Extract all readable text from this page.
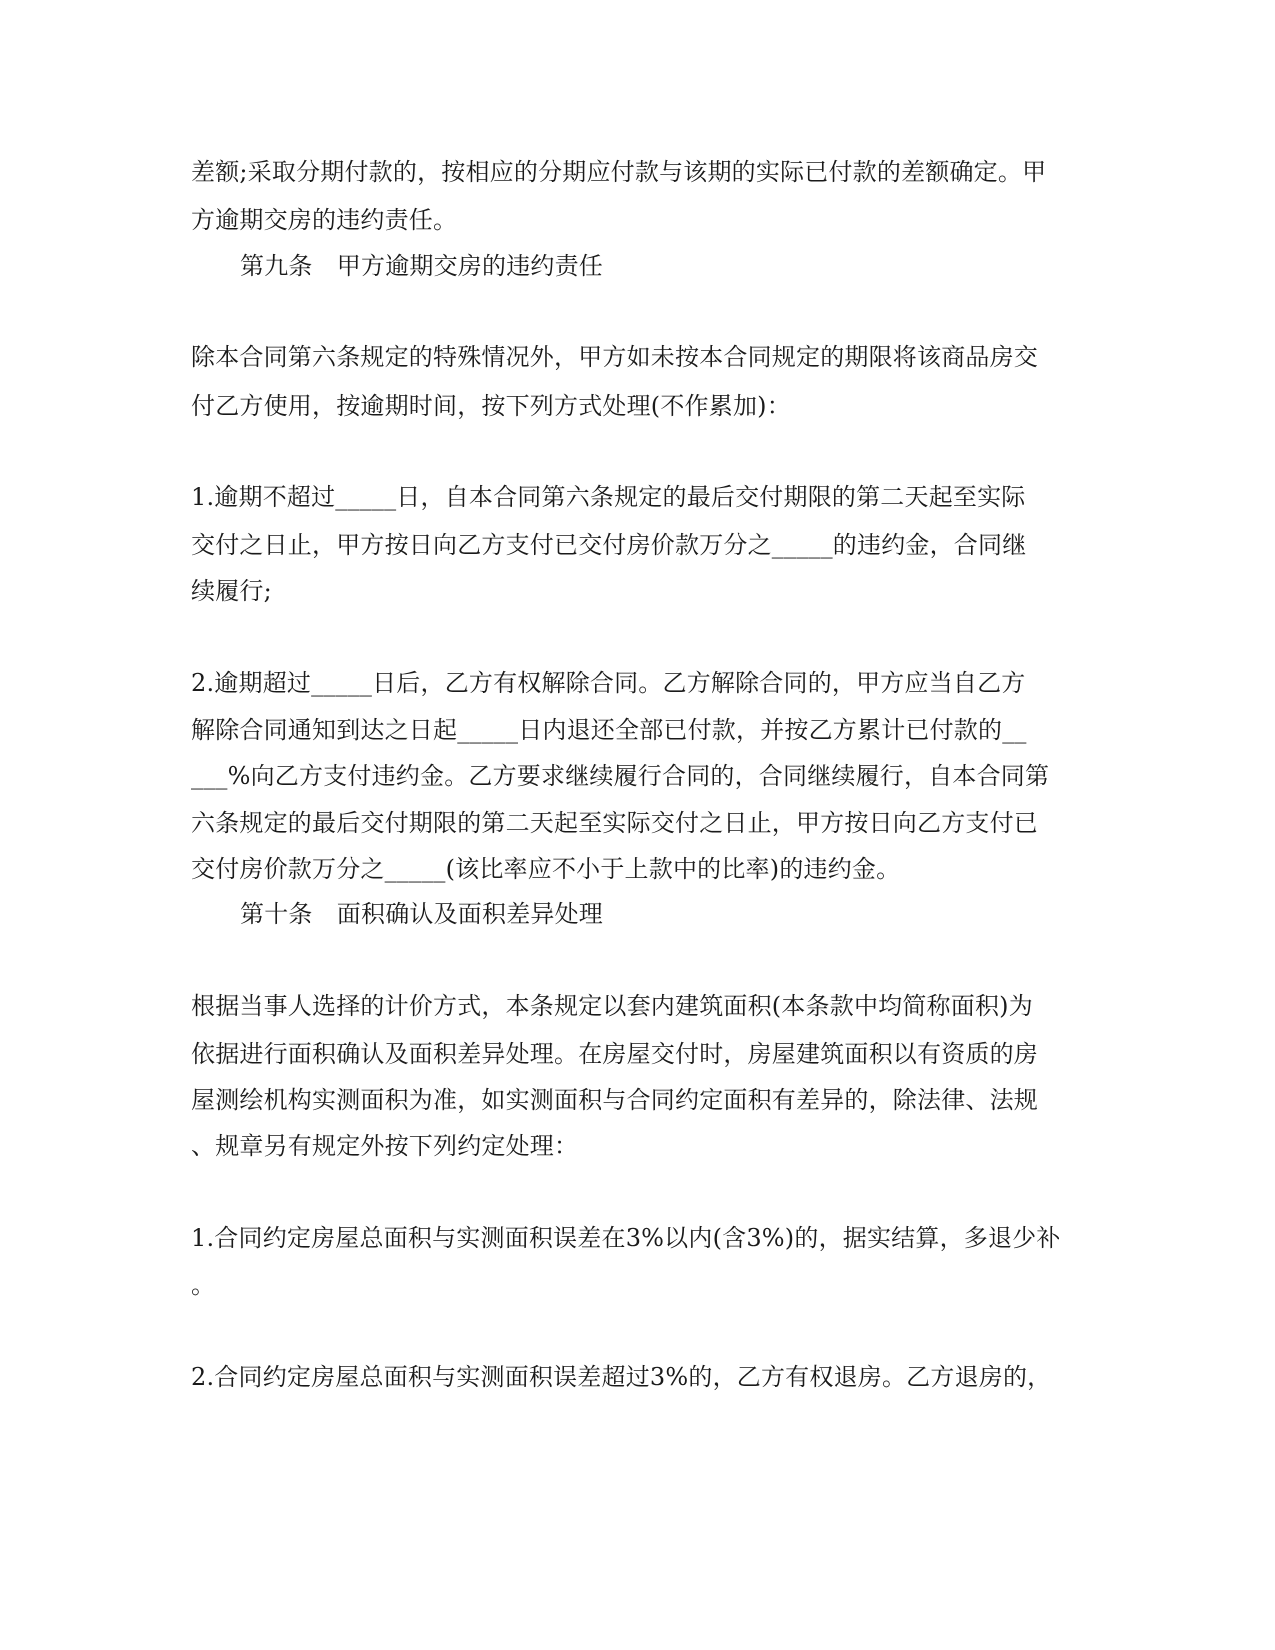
差额;采取分期付款的，按相应的分期应付款与该期的实际已付款的差额确定。甲
方逾期交房的违约责任。
第九条　甲方逾期交房的违约责任
除本合同第六条规定的特殊情况外，甲方如未按本合同规定的期限将该商品房交
付乙方使用，按逾期时间，按下列方式处理(不作累加)：
1.逾期不超过_____日，自本合同第六条规定的最后交付期限的第二天起至实际
交付之日止，甲方按日向乙方支付已交付房价款万分之_____的违约金，合同继
续履行;
2.逾期超过_____日后，乙方有权解除合同。乙方解除合同的，甲方应当自乙方
解除合同通知到达之日起_____日内退还全部已付款，并按乙方累计已付款的__
___%向乙方支付违约金。乙方要求继续履行合同的，合同继续履行，自本合同第
六条规定的最后交付期限的第二天起至实际交付之日止，甲方按日向乙方支付已
交付房价款万分之_____(该比率应不小于上款中的比率)的违约金。
第十条　面积确认及面积差异处理
根据当事人选择的计价方式，本条规定以套内建筑面积(本条款中均简称面积)为
依据进行面积确认及面积差异处理。在房屋交付时，房屋建筑面积以有资质的房
屋测绘机构实测面积为准，如实测面积与合同约定面积有差异的，除法律、法规
、规章另有规定外按下列约定处理：
1.合同约定房屋总面积与实测面积误差在3%以内(含3%)的，据实结算，多退少补
。
2.合同约定房屋总面积与实测面积误差超过3%的，乙方有权退房。乙方退房的，
